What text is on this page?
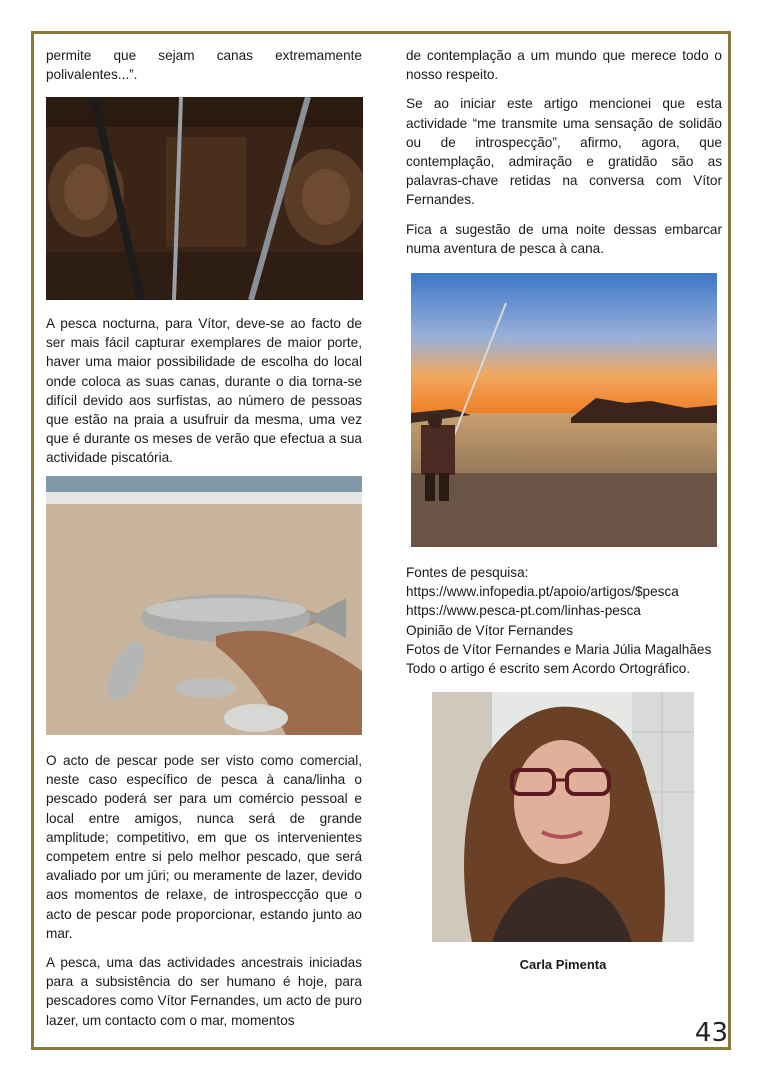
permite que sejam canas extremamente polivalentes...”.

A pesca nocturna, para Vítor, deve-se ao facto de ser mais fácil capturar exemplares de maior porte, haver uma maior possibilidade de escolha do local onde coloca as suas canas, durante o dia torna-se difícil devido aos surfistas, ao número de pessoas que estão na praia a usufruir da mesma, uma vez que é durante os meses de verão que efectua a sua actividade piscatória.

O acto de pescar pode ser visto como comercial, neste caso específico de pesca à cana/linha o pescado poderá ser para um comércio pessoal e local entre amigos, nunca será de grande amplitude; competitivo, em que os intervenientes competem entre si pelo melhor pescado, que será avaliado por um júri; ou meramente de lazer, devido aos momentos de relaxe, de introspeccção que o acto de pescar pode proporcionar, estando junto ao mar.

A pesca, uma das actividades ancestrais iniciadas para a subsistência do ser humano é hoje, para pescadores como Vítor Fernandes, um acto de puro lazer, um contacto com o mar, momentos

de contemplação a um mundo que merece todo o nosso respeito.

Se ao iniciar este artigo mencionei que esta actividade “me transmite uma sensação de solidão ou de introspecção”, afirmo, agora, que contemplação, admiração e gratidão são as palavras-chave retidas na conversa com Vítor Fernandes.

Fica a sugestão de uma noite dessas embarcar numa aventura de pesca à cana.

Fontes de pesquisa:
https://www.infopedia.pt/apoio/artigos/$pesca
https://www.pesca-pt.com/linhas-pesca
Opinião de Vítor Fernandes
Fotos de Vítor Fernandes e Maria Júlia Magalhães
Todo o artigo é escrito sem Acordo Ortográfico.
Carla Pimenta
43
